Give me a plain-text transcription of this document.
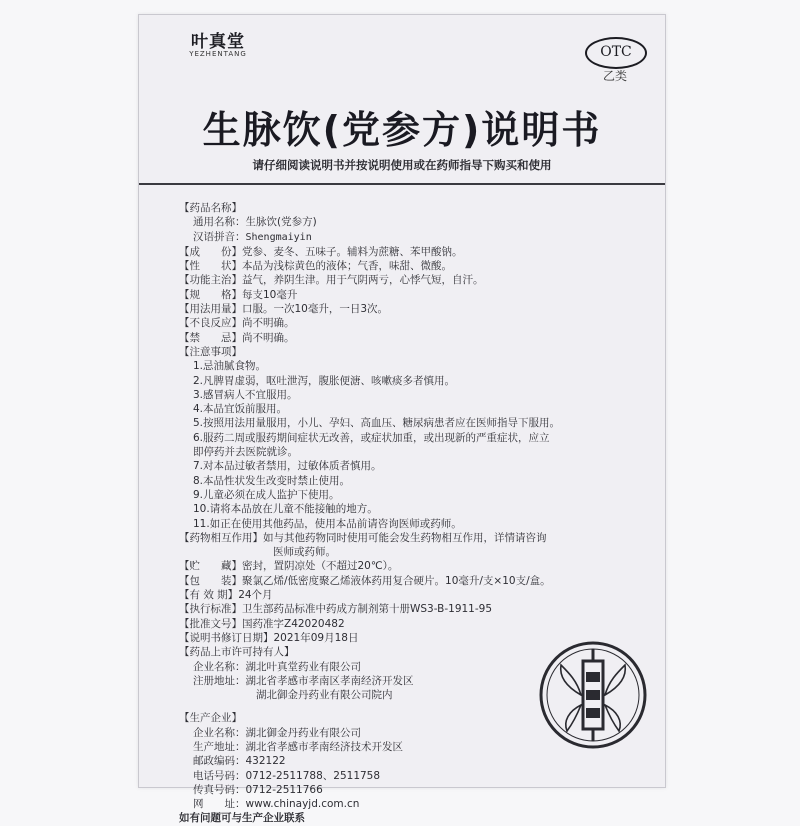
叶真堂
YEZHENTANG	OTC
乙类
生脉饮(党参方)说明书
请仔细阅读说明书并按说明使用或在药师指导下购买和使用
【药品名称】
通用名称：生脉饮(党参方)
汉语拼音：Shengmaiyin
【成　　份】党参、麦冬、五味子。辅料为蔗糖、苯甲酸钠。
【性　　状】本品为浅棕黄色的液体；气香，味甜、微酸。
【功能主治】益气，养阴生津。用于气阴两亏，心悸气短，自汗。
【规　　格】每支10毫升
【用法用量】口服。一次10毫升，一日3次。
【不良反应】尚不明确。
【禁　　忌】尚不明确。
【注意事项】
1.忌油腻食物。
2.凡脾胃虚弱，呕吐泄泻，腹胀便溏、咳嗽痰多者慎用。
3.感冒病人不宜服用。
4.本品宜饭前服用。
5.按照用法用量服用，小儿、孕妇、高血压、糖尿病患者应在医师指导下服用。
6.服药二周或服药期间症状无改善，或症状加重，或出现新的严重症状，应立
即停药并去医院就诊。
7.对本品过敏者禁用，过敏体质者慎用。
8.本品性状发生改变时禁止使用。
9.儿童必须在成人监护下使用。
10.请将本品放在儿童不能接触的地方。
11.如正在使用其他药品，使用本品前请咨询医师或药师。
【药物相互作用】如与其他药物同时使用可能会发生药物相互作用，详情请咨询
医师或药师。
【贮　　藏】密封，置阴凉处（不超过20℃）。
【包　　装】聚氯乙烯/低密度聚乙烯液体药用复合硬片。10毫升/支×10支/盒。
【有 效 期】24个月
【执行标准】卫生部药品标准中药成方制剂第十册WS3-B-1911-95
【批准文号】国药准字Z42020482
【说明书修订日期】2021年09月18日
【药品上市许可持有人】
企业名称：湖北叶真堂药业有限公司
注册地址：湖北省孝感市孝南区孝南经济开发区
湖北御金丹药业有限公司院内
【生产企业】
企业名称：湖北御金丹药业有限公司
生产地址：湖北省孝感市孝南经济技术开发区
邮政编码：432122
电话号码：0712-2511788、2511758
传真号码：0712-2511766
网　　址：www.chinayjd.com.cn
如有问题可与生产企业联系
